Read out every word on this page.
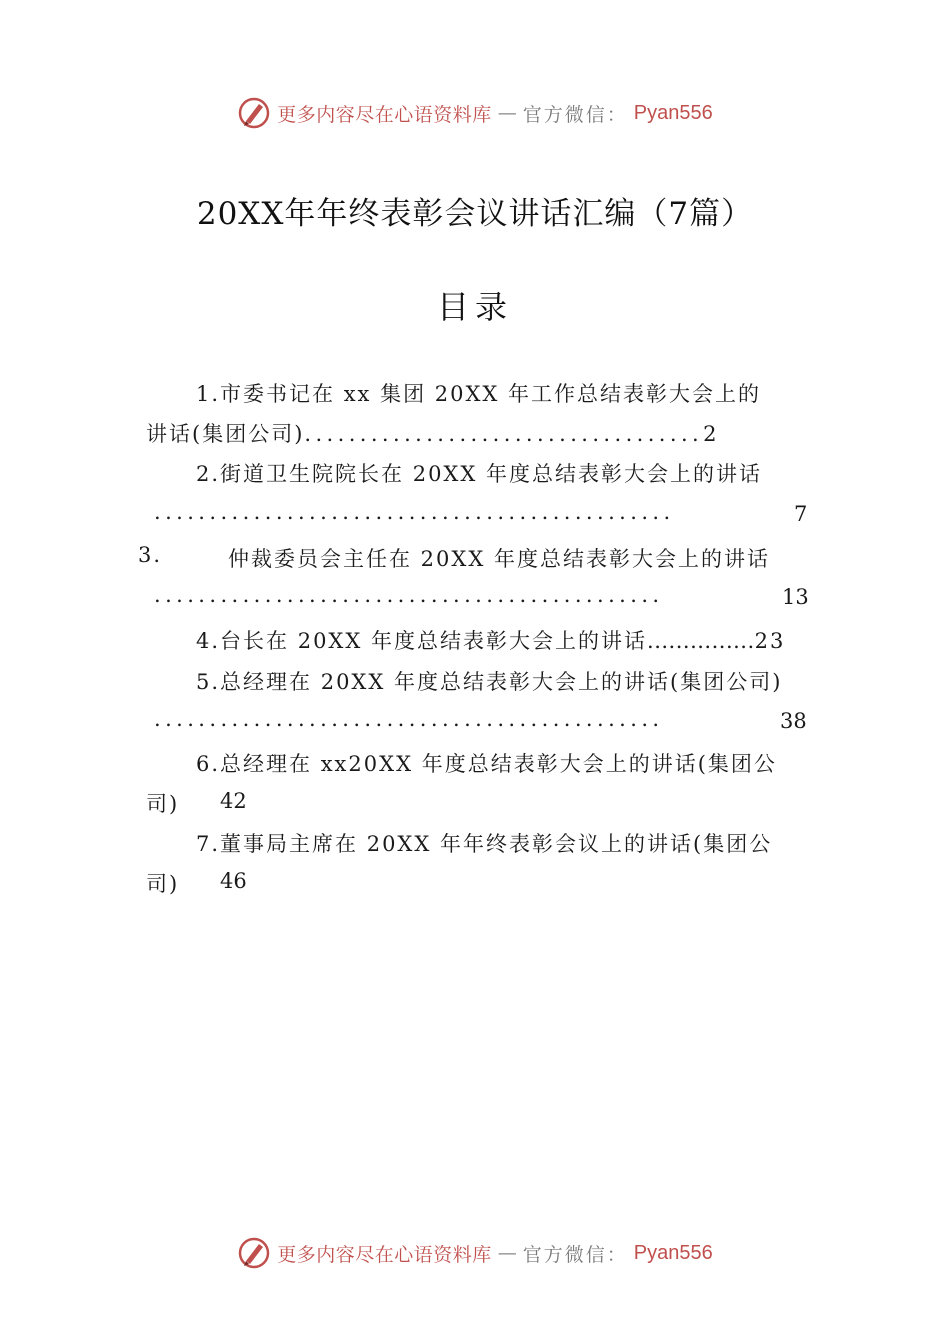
更多内容尽在心语资料库 — 官方微信： Pyan556
20XX年年终表彰会议讲话汇编（7篇）
目录
1.市委书记在 xx 集团 20XX 年工作总结表彰大会上的
讲话(集团公司)....................................2
2.街道卫生院院长在 20XX 年度总结表彰大会上的讲话
...............................................	7
3.	仲裁委员会主任在 20XX 年度总结表彰大会上的讲话
..............................................	13
4.台长在 20XX 年度总结表彰大会上的讲话...............23
5.总经理在 20XX 年度总结表彰大会上的讲话(集团公司)
..............................................	38
6.总经理在 xx20XX 年度总结表彰大会上的讲话(集团公
司) 42
7.董事局主席在 20XX 年年终表彰会议上的讲话(集团公
司) 46
更多内容尽在心语资料库 — 官方微信： Pyan556
